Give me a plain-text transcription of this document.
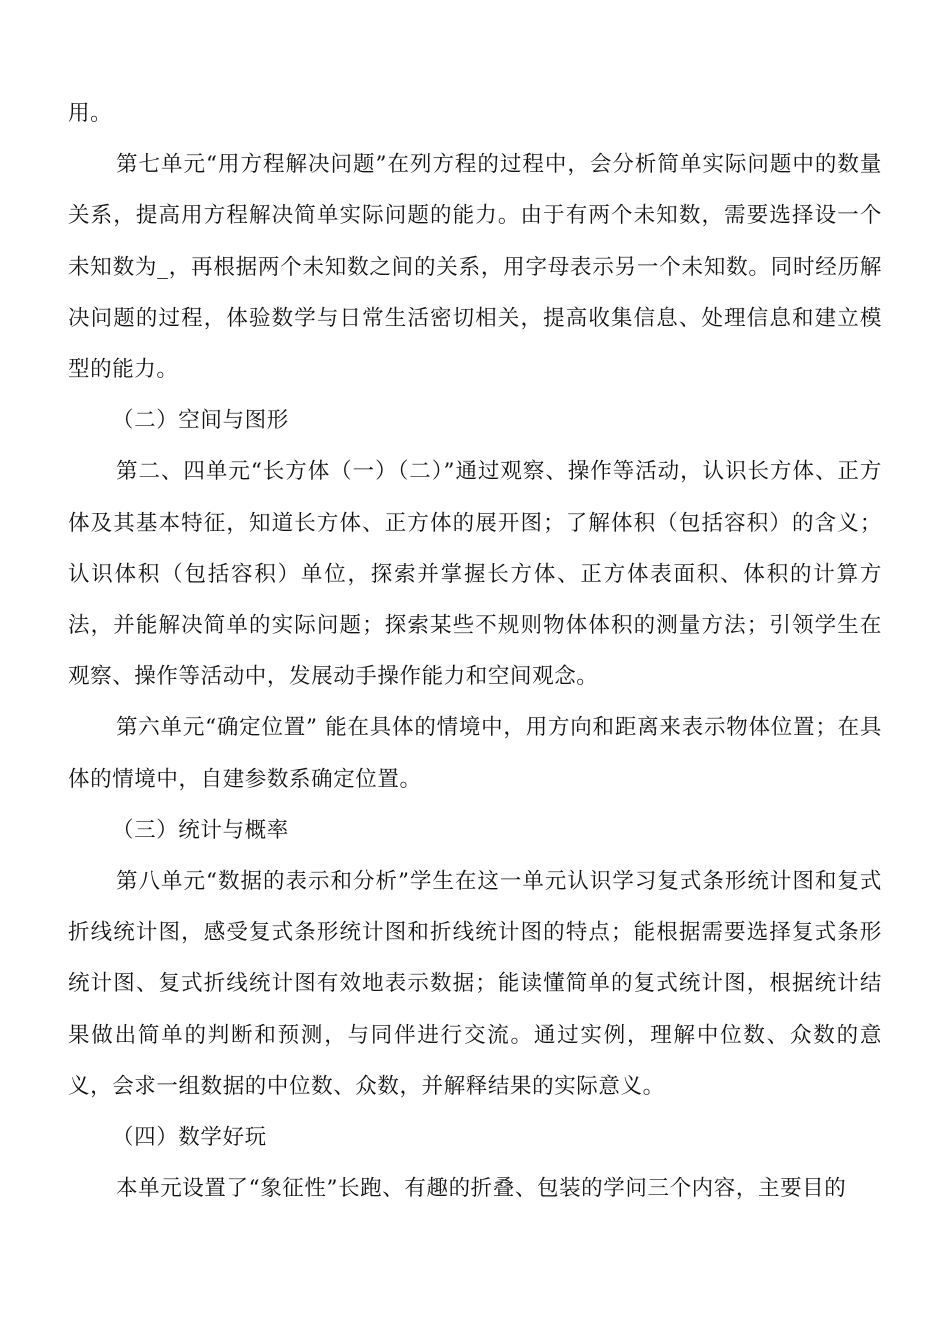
用。

第七单元“用方程解决问题”在列方程的过程中，会分析简单实际问题中的数量关系，提高用方程解决简单实际问题的能力。由于有两个未知数，需要选择设一个未知数为_，再根据两个未知数之间的关系，用字母表示另一个未知数。同时经历解决问题的过程，体验数学与日常生活密切相关，提高收集信息、处理信息和建立模型的能力。

（二）空间与图形

第二、四单元“长方体（一）（二）”通过观察、操作等活动，认识长方体、正方体及其基本特征，知道长方体、正方体的展开图；了解体积（包括容积）的含义；认识体积（包括容积）单位，探索并掌握长方体、正方体表面积、体积的计算方法，并能解决简单的实际问题；探索某些不规则物体体积的测量方法；引领学生在观察、操作等活动中，发展动手操作能力和空间观念。

第六单元“确定位置” 能在具体的情境中，用方向和距离来表示物体位置；在具体的情境中，自建参数系确定位置。

（三）统计与概率

第八单元“数据的表示和分析”学生在这一单元认识学习复式条形统计图和复式折线统计图，感受复式条形统计图和折线统计图的特点；能根据需要选择复式条形统计图、复式折线统计图有效地表示数据；能读懂简单的复式统计图，根据统计结果做出简单的判断和预测，与同伴进行交流。通过实例，理解中位数、众数的意义，会求一组数据的中位数、众数，并解释结果的实际意义。

（四）数学好玩

本单元设置了“象征性”长跑、有趣的折叠、包装的学问三个内容，主要目的
